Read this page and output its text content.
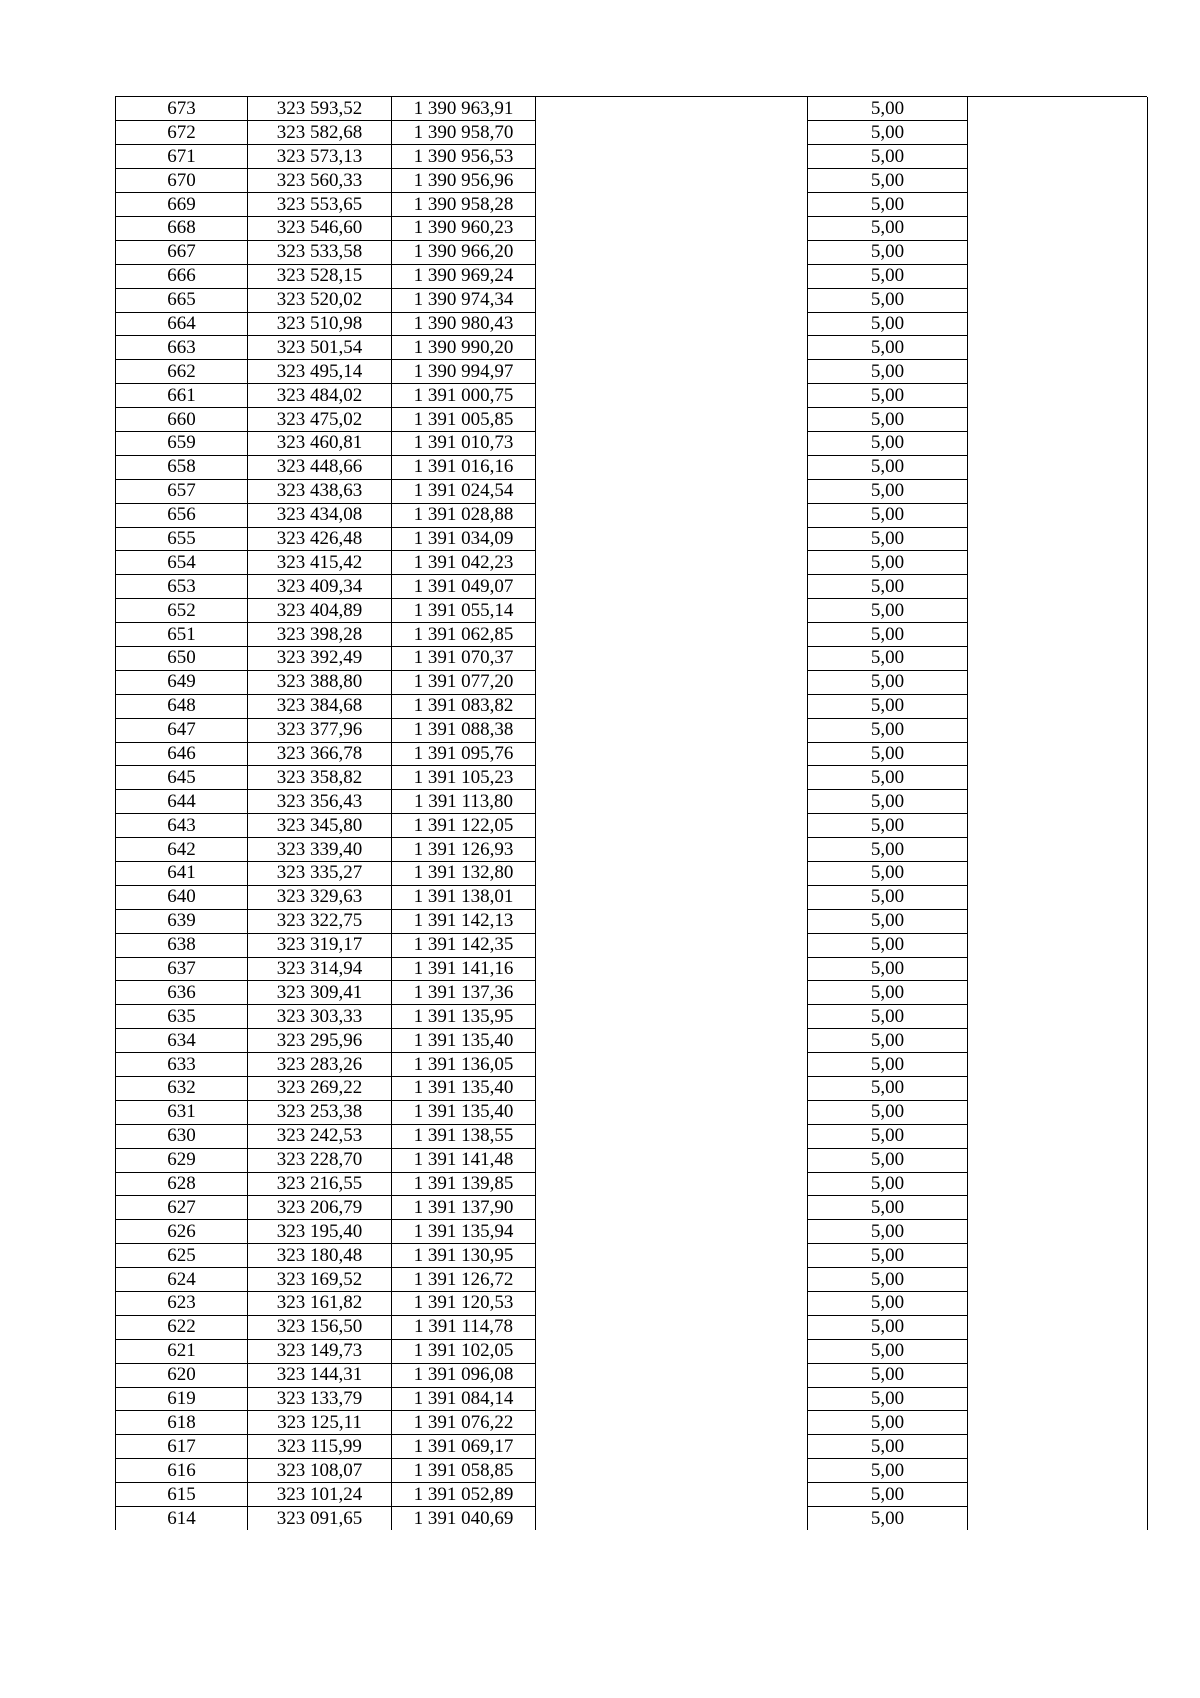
673	323 593,52	1 390 963,91		5,00	
672	323 582,68	1 390 958,70		5,00	
671	323 573,13	1 390 956,53		5,00	
670	323 560,33	1 390 956,96		5,00	
669	323 553,65	1 390 958,28		5,00	
668	323 546,60	1 390 960,23		5,00	
667	323 533,58	1 390 966,20		5,00	
666	323 528,15	1 390 969,24		5,00	
665	323 520,02	1 390 974,34		5,00	
664	323 510,98	1 390 980,43		5,00	
663	323 501,54	1 390 990,20		5,00	
662	323 495,14	1 390 994,97		5,00	
661	323 484,02	1 391 000,75		5,00	
660	323 475,02	1 391 005,85		5,00	
659	323 460,81	1 391 010,73		5,00	
658	323 448,66	1 391 016,16		5,00	
657	323 438,63	1 391 024,54		5,00	
656	323 434,08	1 391 028,88		5,00	
655	323 426,48	1 391 034,09		5,00	
654	323 415,42	1 391 042,23		5,00	
653	323 409,34	1 391 049,07		5,00	
652	323 404,89	1 391 055,14		5,00	
651	323 398,28	1 391 062,85		5,00	
650	323 392,49	1 391 070,37		5,00	
649	323 388,80	1 391 077,20		5,00	
648	323 384,68	1 391 083,82		5,00	
647	323 377,96	1 391 088,38		5,00	
646	323 366,78	1 391 095,76		5,00	
645	323 358,82	1 391 105,23		5,00	
644	323 356,43	1 391 113,80		5,00	
643	323 345,80	1 391 122,05		5,00	
642	323 339,40	1 391 126,93		5,00	
641	323 335,27	1 391 132,80		5,00	
640	323 329,63	1 391 138,01		5,00	
639	323 322,75	1 391 142,13		5,00	
638	323 319,17	1 391 142,35		5,00	
637	323 314,94	1 391 141,16		5,00	
636	323 309,41	1 391 137,36		5,00	
635	323 303,33	1 391 135,95		5,00	
634	323 295,96	1 391 135,40		5,00	
633	323 283,26	1 391 136,05		5,00	
632	323 269,22	1 391 135,40		5,00	
631	323 253,38	1 391 135,40		5,00	
630	323 242,53	1 391 138,55		5,00	
629	323 228,70	1 391 141,48		5,00	
628	323 216,55	1 391 139,85		5,00	
627	323 206,79	1 391 137,90		5,00	
626	323 195,40	1 391 135,94		5,00	
625	323 180,48	1 391 130,95		5,00	
624	323 169,52	1 391 126,72		5,00	
623	323 161,82	1 391 120,53		5,00	
622	323 156,50	1 391 114,78		5,00	
621	323 149,73	1 391 102,05		5,00	
620	323 144,31	1 391 096,08		5,00	
619	323 133,79	1 391 084,14		5,00	
618	323 125,11	1 391 076,22		5,00	
617	323 115,99	1 391 069,17		5,00	
616	323 108,07	1 391 058,85		5,00	
615	323 101,24	1 391 052,89		5,00	
614	323 091,65	1 391 040,69		5,00	
